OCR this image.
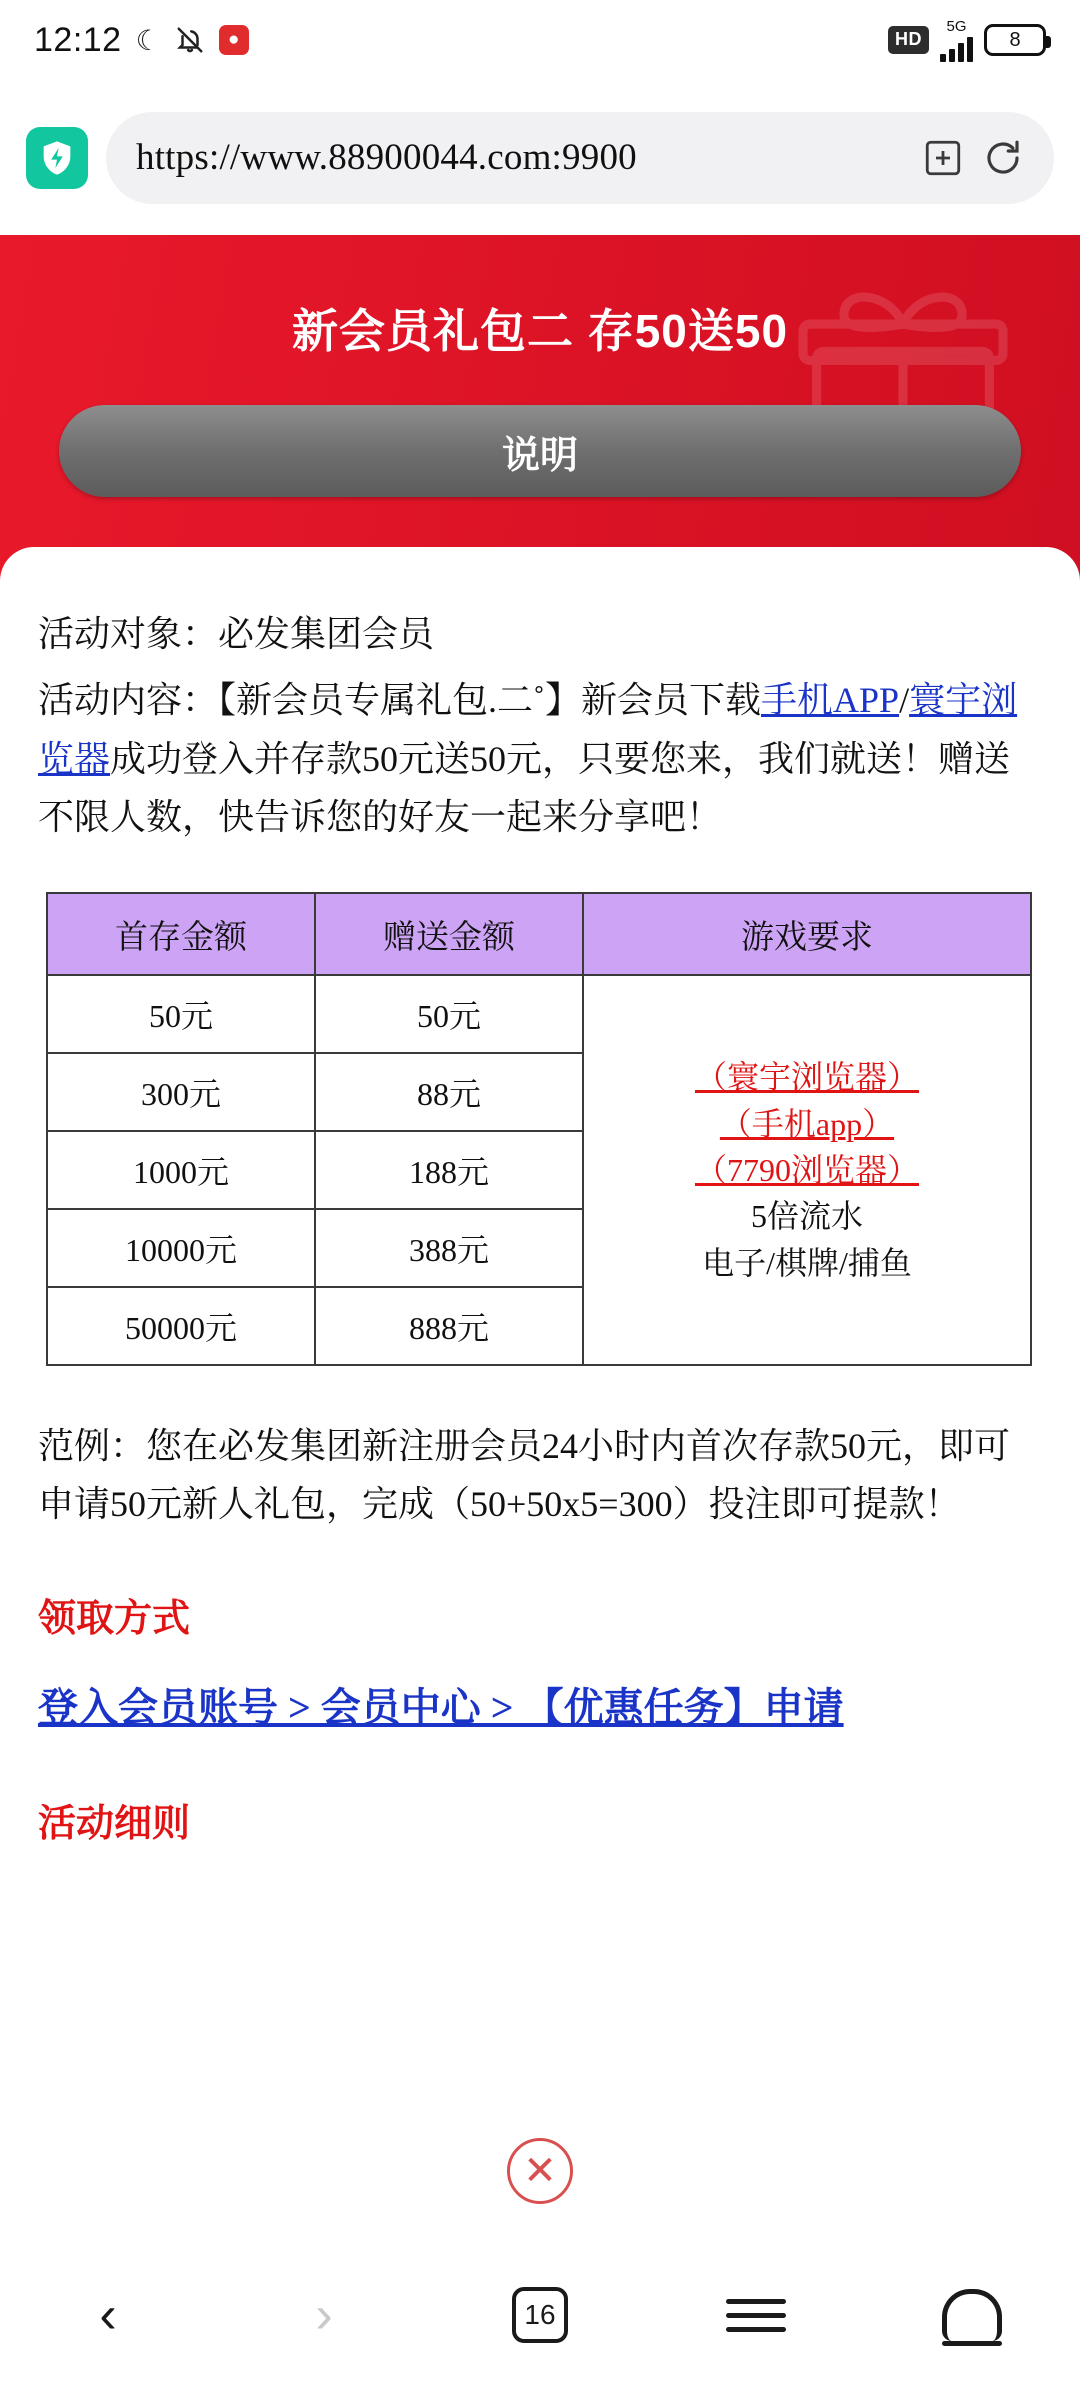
12:12 ☾	●	HD
5G
8
https://www.88900044.com:9900
新会员礼包二 存50送50
说明
活动对象：必发集团会员
活动内容：【新会员专属礼包.二˚】新会员下载手机APP/寰宇浏览器成功登入并存款50元送50元，只要您来，我们就送！赠送不限人数，快告诉您的好友一起来分享吧！
首存金额	赠送金额	游戏要求
50元	50元	（寰宇浏览器）
（手机app）
（7790浏览器）
5倍流水
电子/棋牌/捕鱼

300元	88元	
1000元	188元	
10000元	388元	
50000元	888元	
范例：您在必发集团新注册会员24小时内首次存款50元，即可申请50元新人礼包，完成（50+50x5=300）投注即可提款！
领取方式
登入会员账号 > 会员中心 > 【优惠任务】申请
活动细则
✕
‹	›	16
